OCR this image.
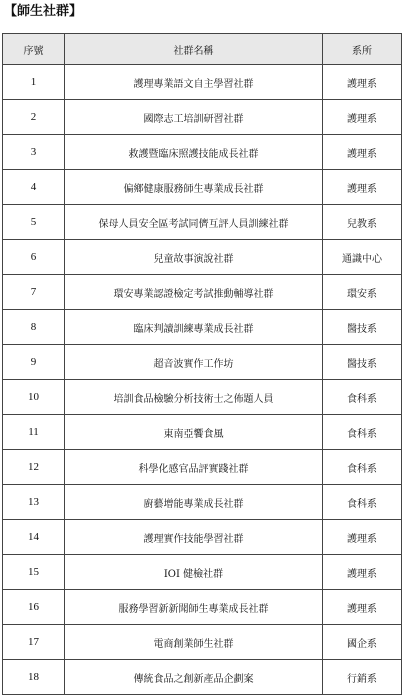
【師生社群】
序號	社群名稱	系所
1	護理專業語文自主學習社群	護理系
2	國際志工培訓研習社群	護理系
3	救護暨臨床照護技能成長社群	護理系
4	偏鄉健康服務師生專業成長社群	護理系
5	保母人員安全區考試同儕互評人員訓練社群	兒教系
6	兒童故事演說社群	通識中心
7	環安專業認證檢定考試推動輔導社群	環安系
8	臨床判讀訓練專業成長社群	醫技系
9	超音波實作工作坊	醫技系
10	培訓食品檢驗分析技術士之佈題人員	食科系
11	東南亞饗食風	食科系
12	科學化感官品評實踐社群	食科系
13	廚藝增能專業成長社群	食科系
14	護理實作技能學習社群	護理系
15	IOI 健檢社群	護理系
16	服務學習新新聞師生專業成長社群	護理系
17	電商創業師生社群	國企系
18	傳統食品之創新產品企劃案	行銷系
